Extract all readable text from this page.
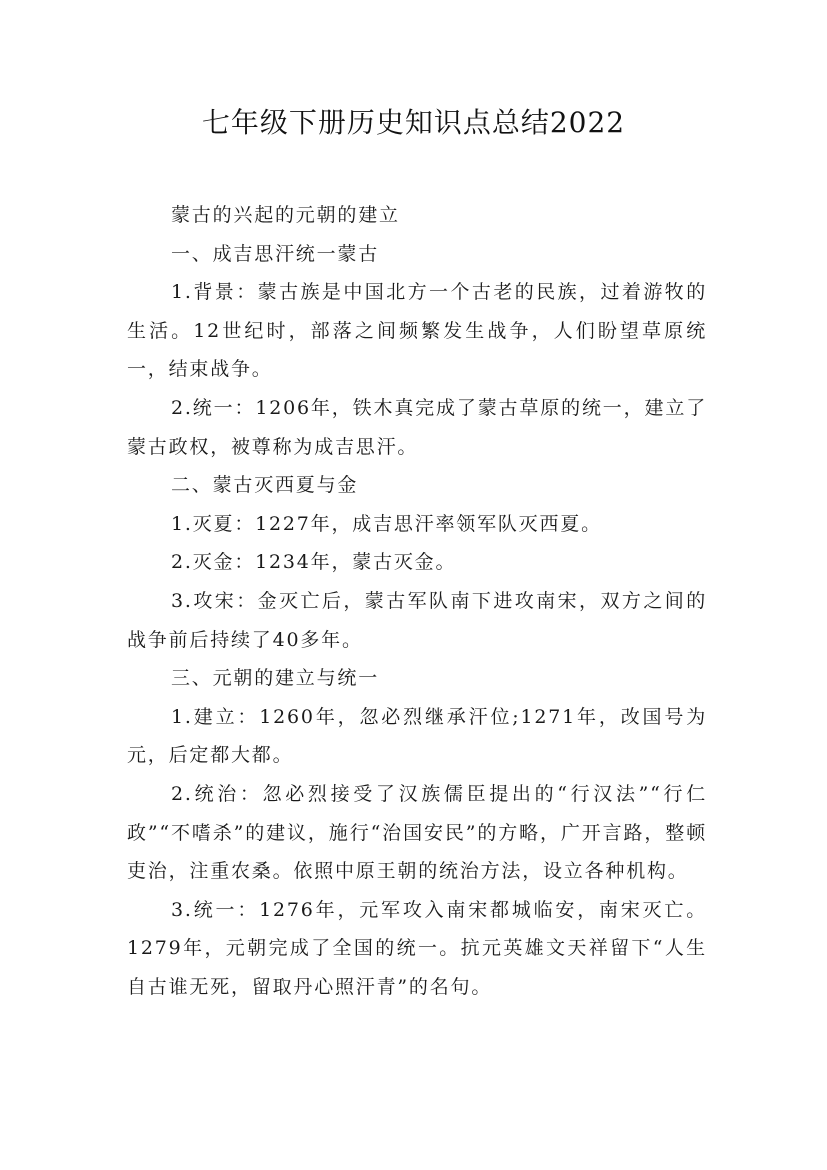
七年级下册历史知识点总结2022

蒙古的兴起的元朝的建立

一、成吉思汗统一蒙古

1.背景：蒙古族是中国北方一个古老的民族，过着游牧的生活。12世纪时，部落之间频繁发生战争，人们盼望草原统一，结束战争。

2.统一：1206年，铁木真完成了蒙古草原的统一，建立了蒙古政权，被尊称为成吉思汗。

二、蒙古灭西夏与金

1.灭夏：1227年，成吉思汗率领军队灭西夏。

2.灭金：1234年，蒙古灭金。

3.攻宋：金灭亡后，蒙古军队南下进攻南宋，双方之间的战争前后持续了40多年。

三、元朝的建立与统一

1.建立：1260年，忽必烈继承汗位;1271年，改国号为元，后定都大都。

2.统治：忽必烈接受了汉族儒臣提出的“行汉法”“行仁政”“不嗜杀”的建议，施行“治国安民”的方略，广开言路，整顿吏治，注重农桑。依照中原王朝的统治方法，设立各种机构。

3.统一：1276年，元军攻入南宋都城临安，南宋灭亡。1279年，元朝完成了全国的统一。抗元英雄文天祥留下“人生自古谁无死，留取丹心照汗青”的名句。
